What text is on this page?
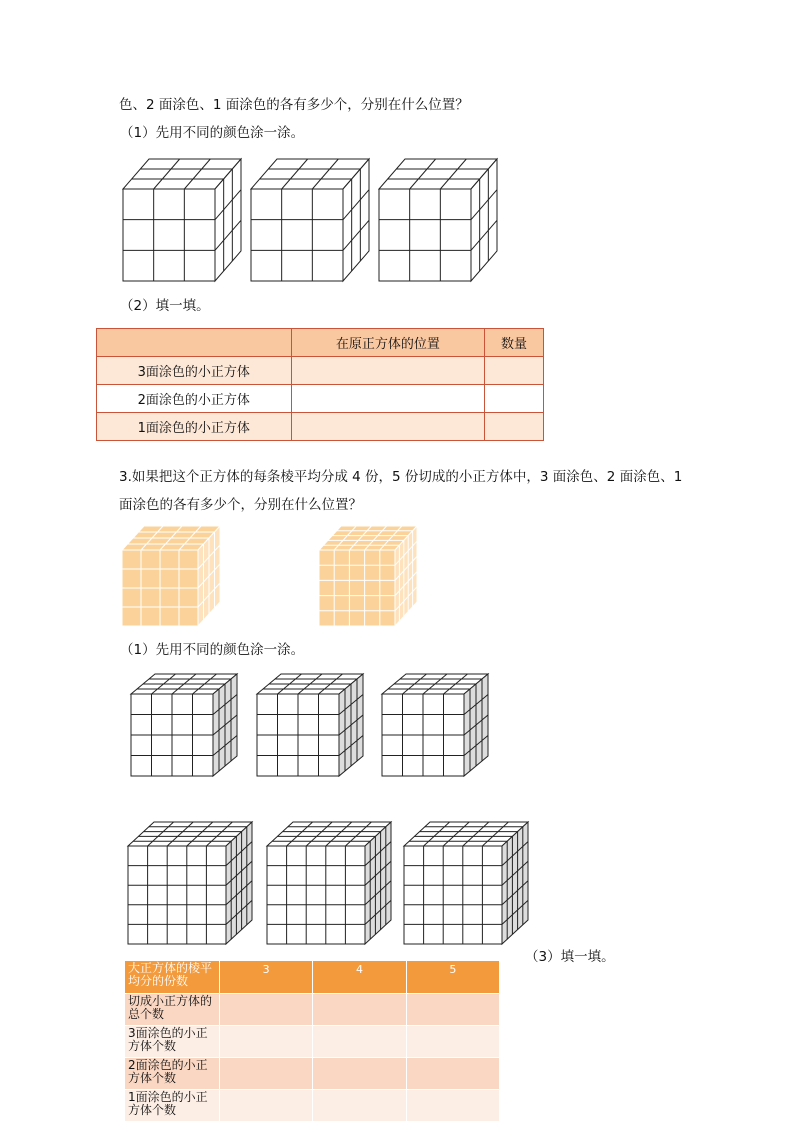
色、2 面涂色、1 面涂色的各有多少个，分别在什么位置？
（1）先用不同的颜色涂一涂。
（2）填一填。
	在原正方体的位置	数量
3面涂色的小正方体		
2面涂色的小正方体		
1面涂色的小正方体		
3.如果把这个正方体的每条棱平均分成 4 份，5 份切成的小正方体中，3 面涂色、2 面涂色、1
面涂色的各有多少个，分别在什么位置？
（1）先用不同的颜色涂一涂。
（3）填一填。
大正方体的棱平均分的份数	3	4	5
切成小正方体的总个数			
3面涂色的小正方体个数			
2面涂色的小正方体个数			
1面涂色的小正方体个数			
